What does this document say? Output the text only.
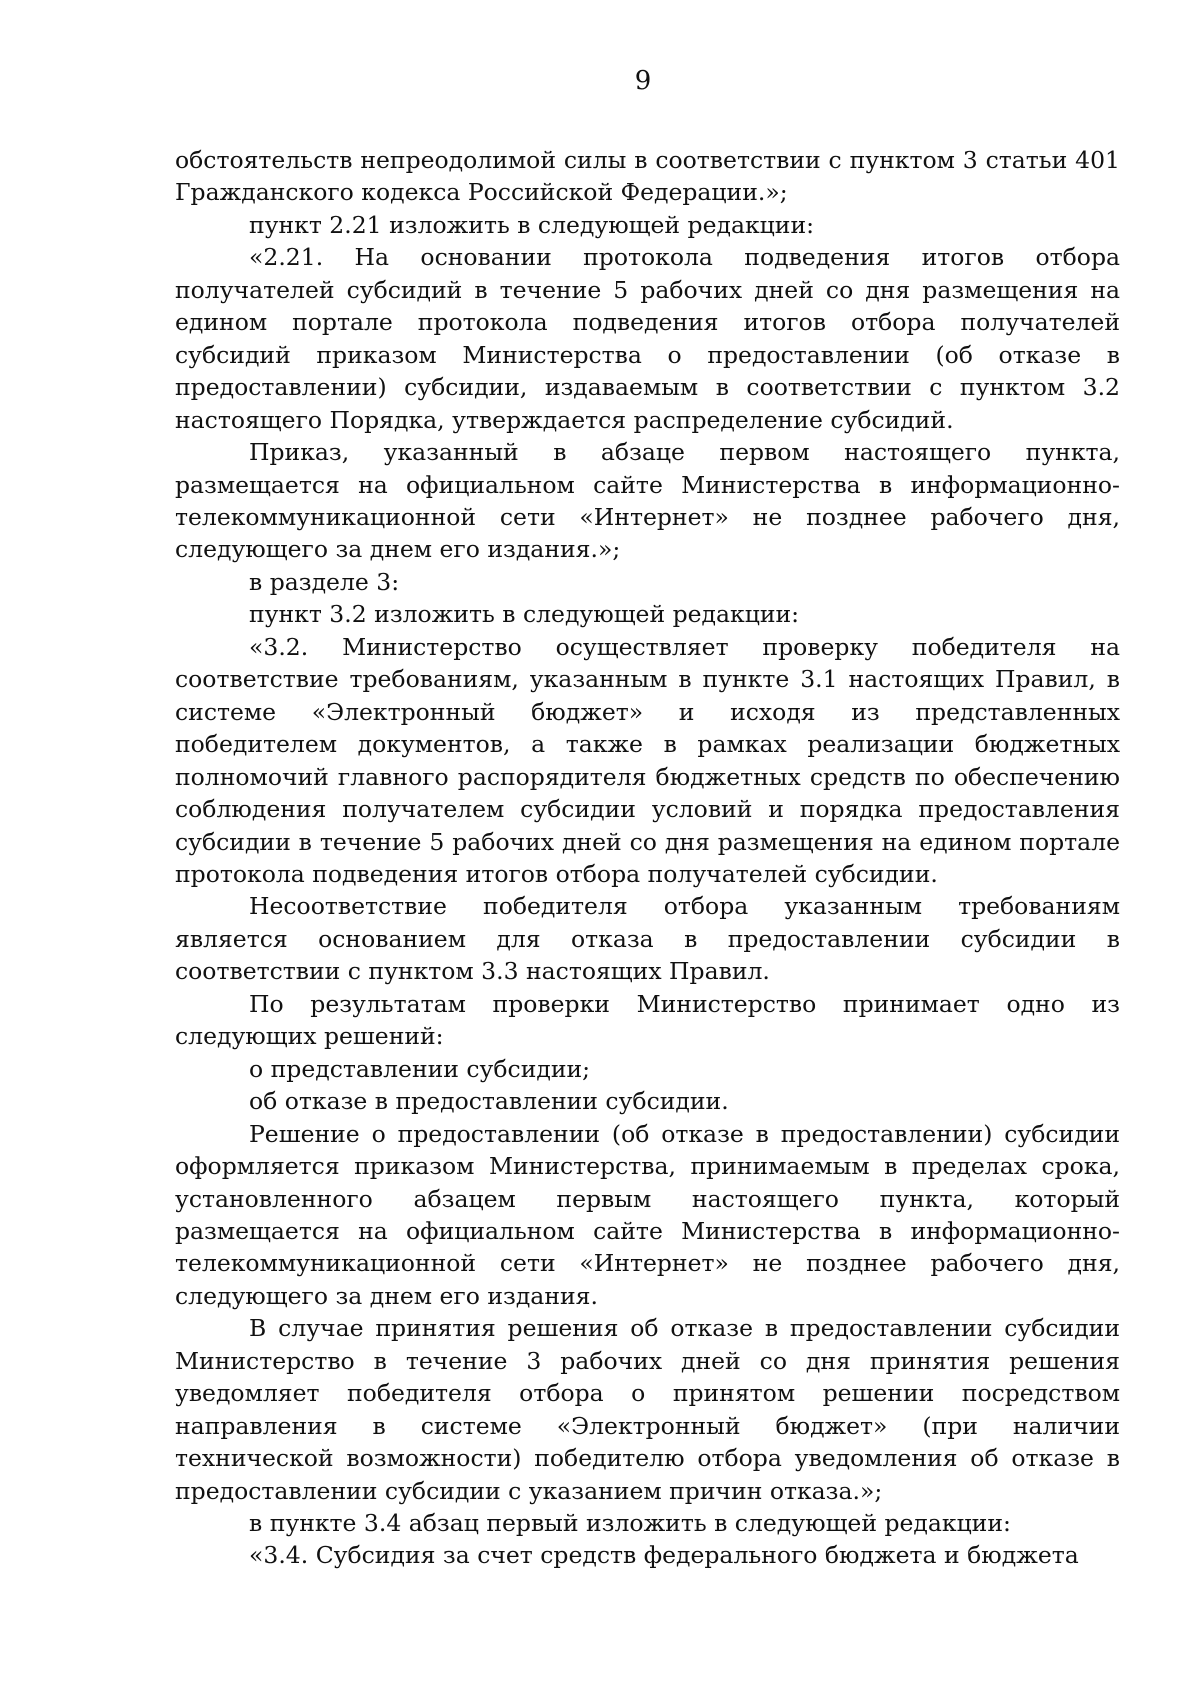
9

обстоятельств непреодолимой силы в соответствии с пунктом 3 статьи 401 Гражданского кодекса Российской Федерации.»;

пункт 2.21 изложить в следующей редакции:

«2.21. На основании протокола подведения итогов отбора получателей субсидий в течение 5 рабочих дней со дня размещения на едином портале протокола подведения итогов отбора получателей субсидий приказом Министерства о предоставлении (об отказе в предоставлении) субсидии, издаваемым в соответствии с пунктом 3.2 настоящего Порядка, утверждается распределение субсидий.

Приказ, указанный в абзаце первом настоящего пункта, размещается на официальном сайте Министерства в информационно-телекоммуникационной сети «Интернет» не позднее рабочего дня, следующего за днем его издания.»;

в разделе 3:

пункт 3.2 изложить в следующей редакции:

«3.2. Министерство осуществляет проверку победителя на соответствие требованиям, указанным в пункте 3.1 настоящих Правил, в системе «Электронный бюджет» и исходя из представленных победителем документов, а также в рамках реализации бюджетных полномочий главного распорядителя бюджетных средств по обеспечению соблюдения получателем субсидии условий и порядка предоставления субсидии в течение 5 рабочих дней со дня размещения на едином портале протокола подведения итогов отбора получателей субсидии.

Несоответствие победителя отбора указанным требованиям является основанием для отказа в предоставлении субсидии в соответствии с пунктом 3.3 настоящих Правил.

По результатам проверки Министерство принимает одно из следующих решений:

о представлении субсидии;

об отказе в предоставлении субсидии.

Решение о предоставлении (об отказе в предоставлении) субсидии оформляется приказом Министерства, принимаемым в пределах срока, установленного абзацем первым настоящего пункта, который размещается на официальном сайте Министерства в информационно-телекоммуникационной сети «Интернет» не позднее рабочего дня, следующего за днем его издания.

В случае принятия решения об отказе в предоставлении субсидии Министерство в течение 3 рабочих дней со дня принятия решения уведомляет победителя отбора о принятом решении посредством направления в системе «Электронный бюджет» (при наличии технической возможности) победителю отбора уведомления об отказе в предоставлении субсидии с указанием причин отказа.»;

в пункте 3.4 абзац первый изложить в следующей редакции:

«3.4. Субсидия за счет средств федерального бюджета и бюджета
